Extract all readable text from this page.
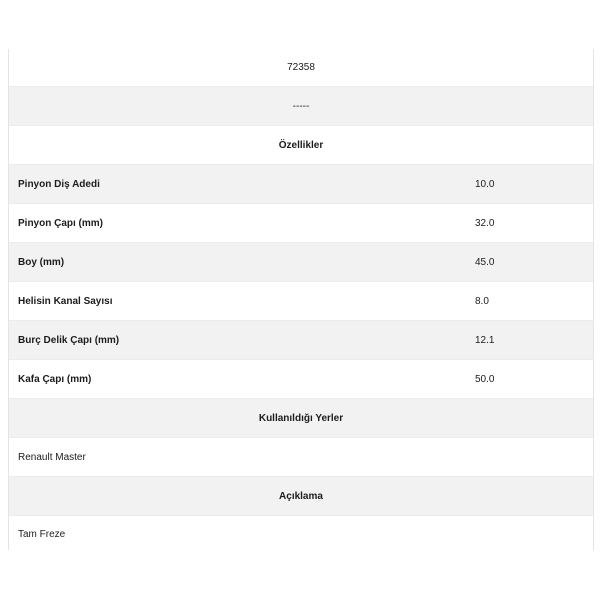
72358
-----
Özellikler
Pinyon Diş Adedi	10.0
Pinyon Çapı (mm)	32.0
Boy (mm)	45.0
Helisin Kanal Sayısı	8.0
Burç Delik Çapı (mm)	12.1
Kafa Çapı (mm)	50.0
Kullanıldığı Yerler
Renault Master
Açıklama
Tam Freze
